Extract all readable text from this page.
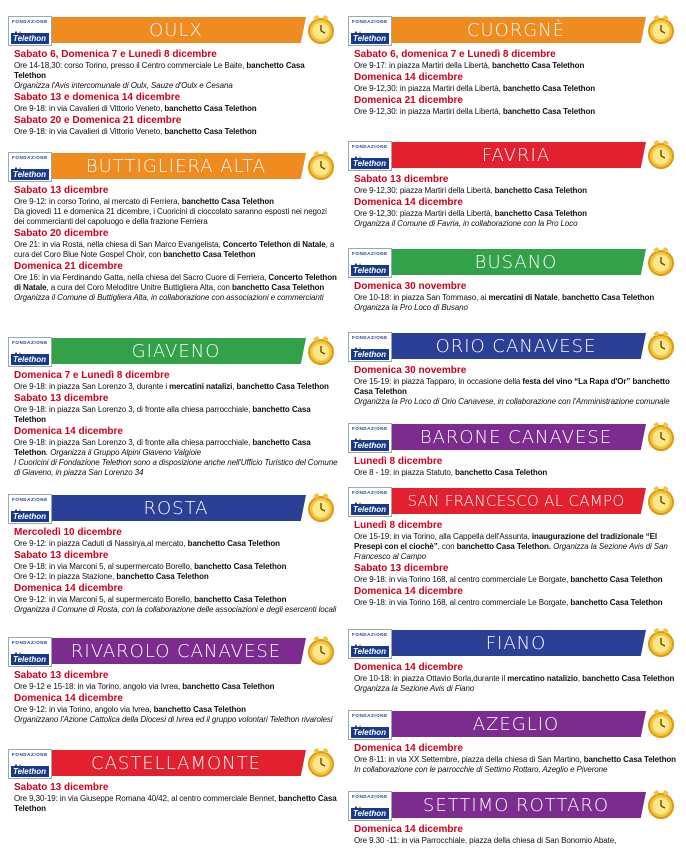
FONDAZIONE
Telethon	OULX
Sabato 6, Domenica 7 e Lunedì 8 dicembre
Ore 14-18,30: corso Torino, presso il Centro commerciale Le Baite, banchetto Casa Telethon
Organizza l'Avis intercomunale di Oulx, Sauze d'Oulx e Cesana
Sabato 13 e domenica 14 dicembre
Ore 9-18: in via Cavalieri di Vittorio Veneto, banchetto Casa Telethon
Sabato 20 e Domenica 21 dicembre
Ore 9-18: in via Cavalieri di Vittorio Veneto, banchetto Casa Telethon
FONDAZIONE
Telethon	BUTTIGLIERA ALTA
Sabato 13 dicembre
Ore 9-12: in corso Torino, al mercato di Ferriera, banchetto Casa Telethon
Da giovedì 11 e domenica 21 dicembre, i Cuoricini di cioccolato saranno esposti nei negozi dei commercianti del capoluogo e della frazione Ferriera
Sabato 20 dicembre
Ore 21: in via Rosta, nella chiesa di San Marco Evangelista, Concerto Telethon di Natale, a cura del Coro Blue Note Gospel Choir, con banchetto Casa Telethon
Domenica 21 dicembre
Ore 16: in via Ferdinando Gatta, nella chiesa del Sacro Cuore di Ferriera, Concerto Telethon di Natale, a cura del Coro Melodìtre Unitre Buttigliera Alta, con banchetto Casa Telethon
Organizza il Comune di Buttigliera Alta, in collaborazione con associazioni e commercianti
FONDAZIONE
Telethon	GIAVENO
Domenica 7 e Lunedì 8 dicembre
Ore 9-18: in piazza San Lorenzo 3, durante i mercatini natalizi, banchetto Casa Telethon
Sabato 13 dicembre
Ore 9-18: in piazza San Lorenzo 3, di fronte alla chiesa parrocchiale, banchetto Casa Telethon
Domenica 14 dicembre
Ore 9-18: in piazza San Lorenzo 3, di fronte alla chiesa parrocchiale, banchetto Casa Telethon. Organizza il Gruppo Alpini Giaveno Valgioie
I Cuoricini di Fondazione Telethon sono a disposizione anche nell'Ufficio Turistico del Comune di Giaveno, in piazza San Lorenzo 34
FONDAZIONE
Telethon	ROSTA
Mercoledì 10 dicembre
Ore 9-12: in piazza Caduti di Nassirya,al mercato, banchetto Casa Telethon
Sabato 13 dicembre
Ore 9-18: in via Marconi 5, al supermercato Borello, banchetto Casa Telethon
Ore 9-12: in piazza Stazione, banchetto Casa Telethon
Domenica 14 dicembre
Ore 9-12: in via Marconi 5, al supermercato Borello, banchetto Casa Telethon
Organizza il Comune di Rosta, con la collaborazione delle associazioni e degli esercenti locali
FONDAZIONE
Telethon	RIVAROLO CANAVESE
Sabato 13 dicembre
Ore 9-12 e 15-18: in via Torino, angolo via Ivrea, banchetto Casa Telethon
Domenica 14 dicembre
Ore 9-12: in via Torino, angolo via Ivrea, banchetto Casa Telethon
Organizzano l'Azione Cattolica della Diocesi di Ivrea ed il gruppo volontari Telethon rivarolesi
FONDAZIONE
Telethon	CASTELLAMONTE
Sabato 13 dicembre
Ore 9,30-19: in via Giuseppe Romana 40/42, al centro commerciale Bennet, banchetto Casa Telethon
FONDAZIONE
Telethon	CUORGNÈ
Sabato 6, domenica 7 e Lunedì 8 dicembre
Ore 9-17: in piazza Martiri della Libertà, banchetto Casa Telethon
Domenica 14 dicembre
Ore 9-12,30: in piazza Martiri della Libertà, banchetto Casa Telethon
Domenica 21 dicembre
Ore 9-12,30: in piazza Martiri della Libertà, banchetto Casa Telethon
FONDAZIONE
Telethon	FAVRIA
Sabato 13 dicembre
Ore 9-12,30: piazza Martiri della Libertà, banchetto Casa Telethon
Domenica 14 dicembre
Ore 9-12,30: piazza Martiri della Libertà, banchetto Casa Telethon
Organizza il Comune di Favria, in collaborazione con la Pro Loco
FONDAZIONE
Telethon	BUSANO
Domenica 30 novembre
Ore 10-18: in piazza San Tommaso, ai mercatini di Natale, banchetto Casa Telethon
Organizza la Pro Loco di Busano
FONDAZIONE
Telethon	ORIO CANAVESE
Domenica 30 novembre
Ore 15-19: in piazza Tapparo, in occasione della festa del vino “La Rapa d'Or” banchetto Casa Telethon
Organizza la Pro Loco di Orio Canavese, in collaborazione con l'Amministrazione comunale
FONDAZIONE
Telethon	BARONE CANAVESE
Lunedì 8 dicembre
Ore 8 - 19: in piazza Statuto, banchetto Casa Telethon
FONDAZIONE
Telethon	SAN FRANCESCO AL CAMPO
Lunedì 8 dicembre
Ore 15-19: in via Torino, alla Cappella dell'Assunta, inaugurazione del tradizionale “El Presepi con el ciochè”, con banchetto Casa Telethon. Organizza la Sezione Avis di San Francesco al Campo
Sabato 13 dicembre
Ore 9-18: in via Torino 168, al centro commerciale Le Borgate, banchetto Casa Telethon
Domenica 14 dicembre
Ore 9-18: in via Torino 168, al centro commerciale Le Borgate, banchetto Casa Telethon
FONDAZIONE
Telethon	FIANO
Domenica 14 dicembre
Ore 10-18: in piazza Ottavio Borla,durante il mercatino natalizio, banchetto Casa Telethon
Organizza la Sezione Avis di Fiano
FONDAZIONE
Telethon	AZEGLIO
Domenica 14 dicembre
Ore 8-11: in via XX Settembre, piazza della chiesa di San Martino, banchetto Casa Telethon
In collaborazione con le parrocchie di Settimo Rottaro, Azeglio e Piverone
FONDAZIONE
Telethon	SETTIMO ROTTARO
Domenica 14 dicembre
Ore 9.30 -11: in via Parrocchiale, piazza della chiesa di San Bonomio Abate,
